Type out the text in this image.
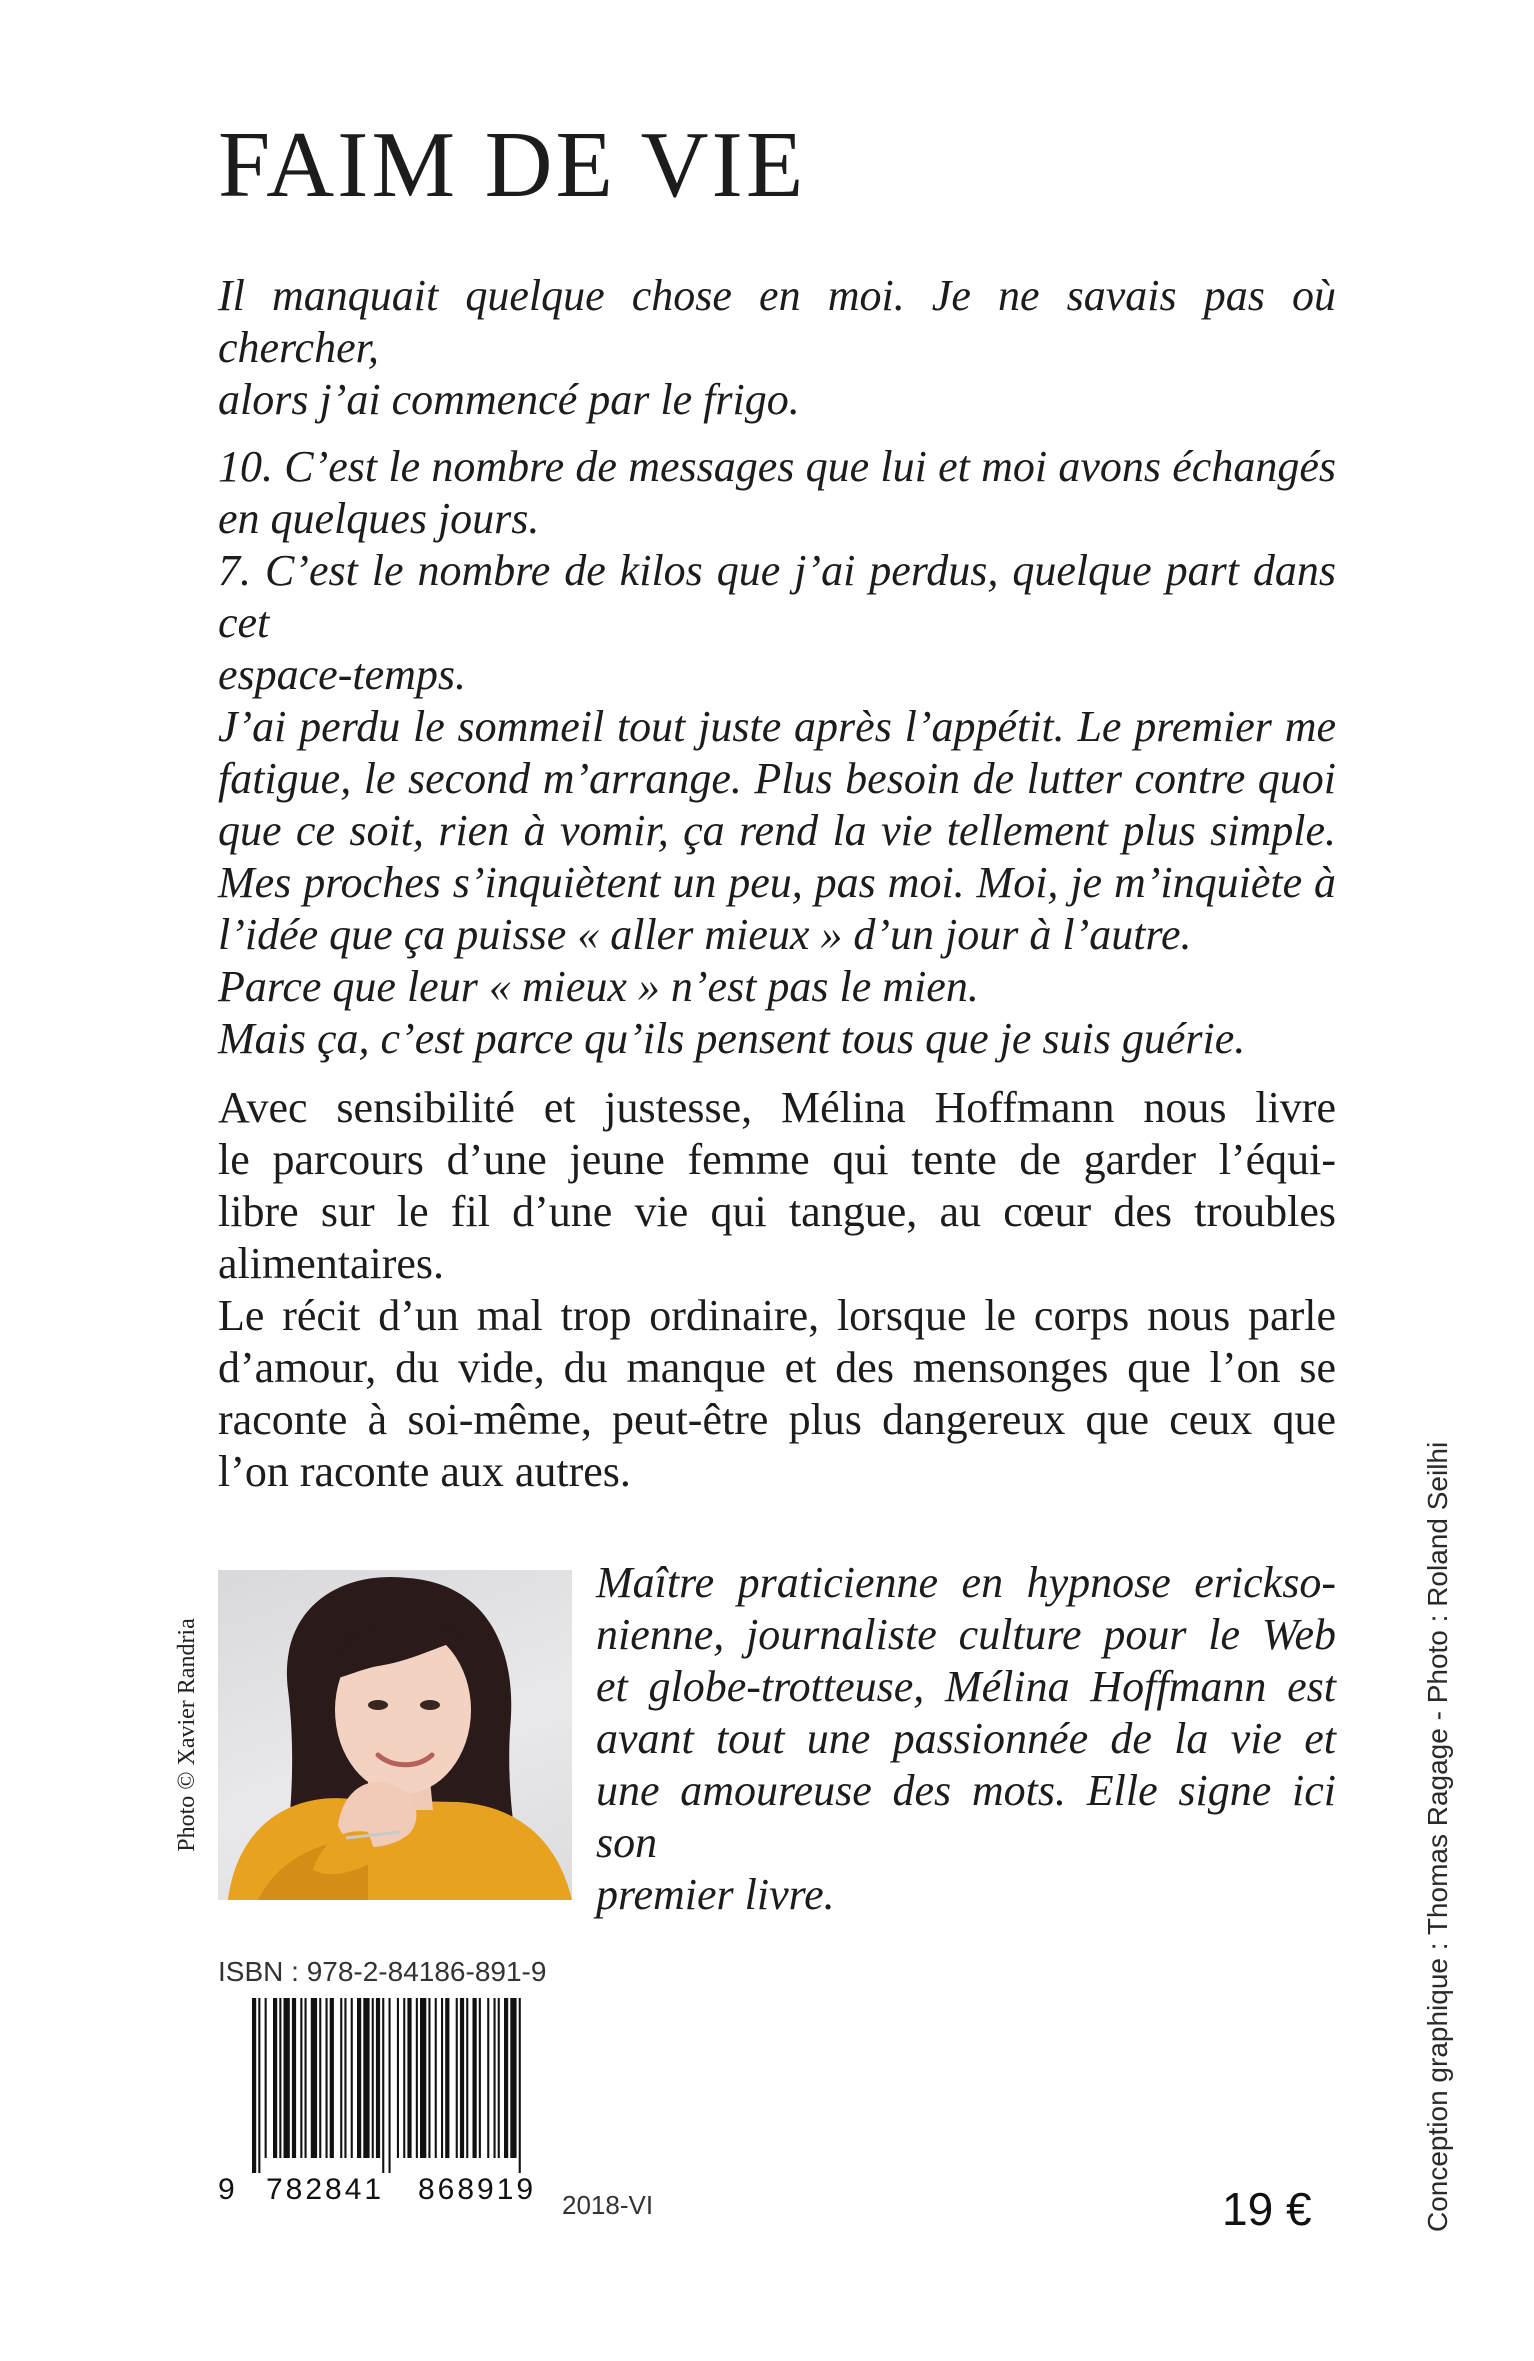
FAIM DE VIE
Il manquait quelque chose en moi. Je ne savais pas où chercher,
alors j’ai commencé par le frigo.
10. C’est le nombre de messages que lui et moi avons échangés
en quelques jours.
7. C’est le nombre de kilos que j’ai perdus, quelque part dans cet
espace-temps.
J’ai perdu le sommeil tout juste après l’appétit. Le premier me
fatigue, le second m’arrange. Plus besoin de lutter contre quoi
que ce soit, rien à vomir, ça rend la vie tellement plus simple.
Mes proches s’inquiètent un peu, pas moi. Moi, je m’inquiète à
l’idée que ça puisse « aller mieux » d’un jour à l’autre.
Parce que leur « mieux » n’est pas le mien.
Mais ça, c’est parce qu’ils pensent tous que je suis guérie.
Avec sensibilité et justesse, Mélina Hoffmann nous livre
le parcours d’une jeune femme qui tente de garder l’équi-
libre sur le fil d’une vie qui tangue, au cœur des troubles
alimentaires.
Le récit d’un mal trop ordinaire, lorsque le corps nous parle
d’amour, du vide, du manque et des mensonges que l’on se
raconte à soi-même, peut-être plus dangereux que ceux que
l’on raconte aux autres.
Photo © Xavier Randria
Maître praticienne en hypnose ericksο-
nienne, journaliste culture pour le Web
et globe-trotteuse, Mélina Hoffmann est
avant tout une passionnée de la vie et
une amoureuse des mots. Elle signe ici son
premier livre.
ISBN : 978-2-84186-891-9
9 782841 868919 2018-VI	19 €	Conception graphique : Thomas Ragage - Photo : Roland Seilhi
